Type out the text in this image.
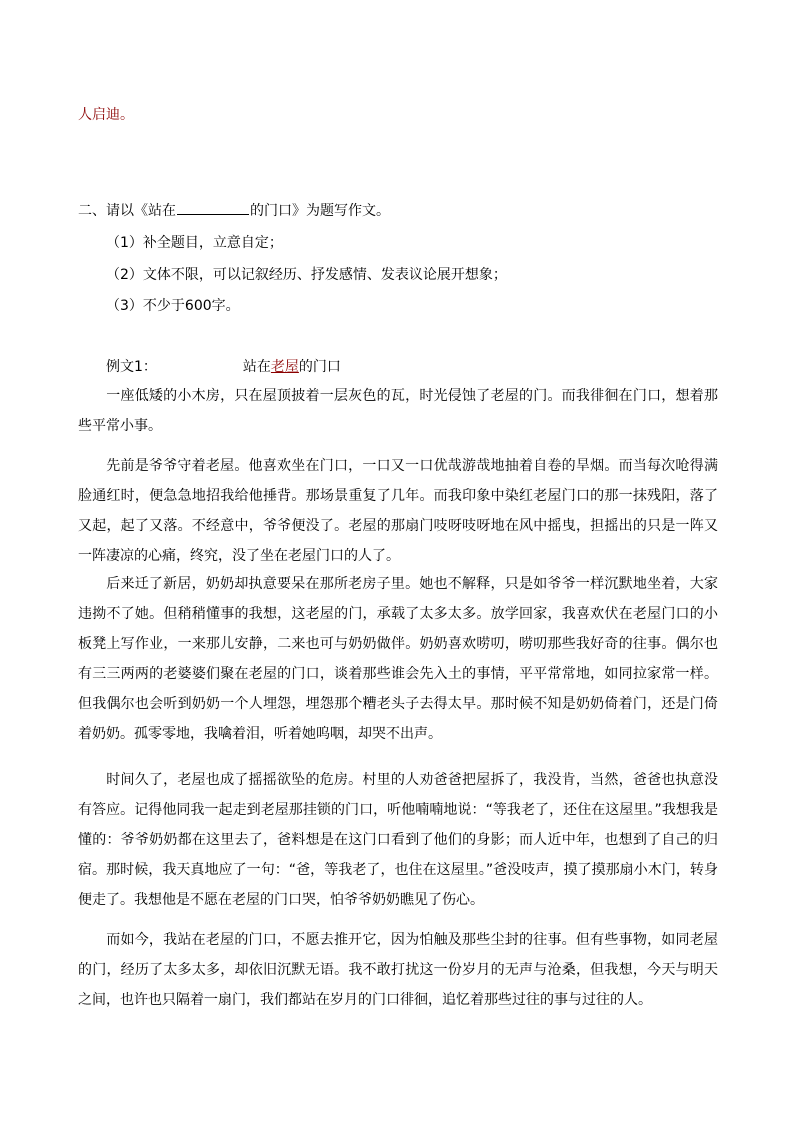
人启迪。
二、请以《站在	的门口》为题写作文。
（1）补全题目，立意自定；
（2）文体不限，可以记叙经历、抒发感情、发表议论展开想象；
（3）不少于600字。
例文1：	站在老屋的门口
一座低矮的小木房，只在屋顶披着一层灰色的瓦，时光侵蚀了老屋的门。而我徘徊在门口，想着那些平常小事。
先前是爷爷守着老屋。他喜欢坐在门口，一口又一口优哉游哉地抽着自卷的旱烟。而当每次呛得满脸通红时，便急急地招我给他捶背。那场景重复了几年。而我印象中染红老屋门口的那一抹残阳，落了又起，起了又落。不经意中，爷爷便没了。老屋的那扇门吱呀吱呀地在风中摇曳，担摇出的只是一阵又一阵凄凉的心痛，终究，没了坐在老屋门口的人了。
后来迁了新居，奶奶却执意要呆在那所老房子里。她也不解释，只是如爷爷一样沉默地坐着，大家违拗不了她。但稍稍懂事的我想，这老屋的门，承载了太多太多。放学回家，我喜欢伏在老屋门口的小板凳上写作业，一来那儿安静，二来也可与奶奶做伴。奶奶喜欢唠叨，唠叨那些我好奇的往事。偶尔也有三三两两的老婆婆们聚在老屋的门口，谈着那些谁会先入土的事情，平平常常地，如同拉家常一样。但我偶尔也会听到奶奶一个人埋怨，埋怨那个糟老头子去得太早。那时候不知是奶奶倚着门，还是门倚着奶奶。孤零零地，我噙着泪，听着她呜咽，却哭不出声。
时间久了，老屋也成了摇摇欲坠的危房。村里的人劝爸爸把屋拆了，我没肯，当然，爸爸也执意没有答应。记得他同我一起走到老屋那挂锁的门口，听他喃喃地说：“等我老了，还住在这屋里。”我想我是懂的：爷爷奶奶都在这里去了，爸料想是在这门口看到了他们的身影；而人近中年，也想到了自己的归宿。那时候，我天真地应了一句：“爸，等我老了，也住在这屋里。”爸没吱声，摸了摸那扇小木门，转身便走了。我想他是不愿在老屋的门口哭，怕爷爷奶奶瞧见了伤心。
而如今，我站在老屋的门口，不愿去推开它，因为怕触及那些尘封的往事。但有些事物，如同老屋的门，经历了太多太多，却依旧沉默无语。我不敢打扰这一份岁月的无声与沧桑，但我想，今天与明天之间，也许也只隔着一扇门，我们都站在岁月的门口徘徊，追忆着那些过往的事与过往的人。
